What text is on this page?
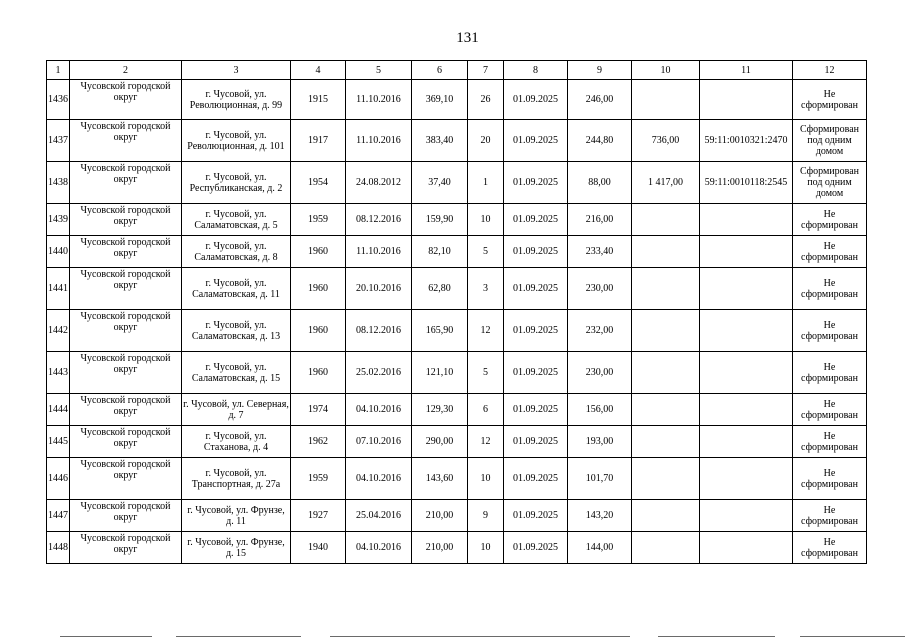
131
1	2	3	4	5	6	7	8	9	10	11	12
1436	Чусовской городской округ	г. Чусовой, ул. Революционная, д. 99	1915	11.10.2016	369,10	26	01.09.2025	246,00			Не сформирован
1437	Чусовской городской округ	г. Чусовой, ул. Революционная, д. 101	1917	11.10.2016	383,40	20	01.09.2025	244,80	736,00	59:11:0010321:2470	Сформирован под одним домом
1438	Чусовской городской округ	г. Чусовой, ул. Республиканская, д. 2	1954	24.08.2012	37,40	1	01.09.2025	88,00	1 417,00	59:11:0010118:2545	Сформирован под одним домом
1439	Чусовской городской округ	г. Чусовой, ул. Саламатовская, д. 5	1959	08.12.2016	159,90	10	01.09.2025	216,00			Не сформирован
1440	Чусовской городской округ	г. Чусовой, ул. Саламатовская, д. 8	1960	11.10.2016	82,10	5	01.09.2025	233,40			Не сформирован
1441	Чусовской городской округ	г. Чусовой, ул. Саламатовская, д. 11	1960	20.10.2016	62,80	3	01.09.2025	230,00			Не сформирован
1442	Чусовской городской округ	г. Чусовой, ул. Саламатовская, д. 13	1960	08.12.2016	165,90	12	01.09.2025	232,00			Не сформирован
1443	Чусовской городской округ	г. Чусовой, ул. Саламатовская, д. 15	1960	25.02.2016	121,10	5	01.09.2025	230,00			Не сформирован
1444	Чусовской городской округ	г. Чусовой, ул. Северная, д. 7	1974	04.10.2016	129,30	6	01.09.2025	156,00			Не сформирован
1445	Чусовской городской округ	г. Чусовой, ул. Стаханова, д. 4	1962	07.10.2016	290,00	12	01.09.2025	193,00			Не сформирован
1446	Чусовской городской округ	г. Чусовой, ул. Транспортная, д. 27а	1959	04.10.2016	143,60	10	01.09.2025	101,70			Не сформирован
1447	Чусовской городской округ	г. Чусовой, ул. Фрунзе, д. 11	1927	25.04.2016	210,00	9	01.09.2025	143,20			Не сформирован
1448	Чусовской городской округ	г. Чусовой, ул. Фрунзе, д. 15	1940	04.10.2016	210,00	10	01.09.2025	144,00			Не сформирован
